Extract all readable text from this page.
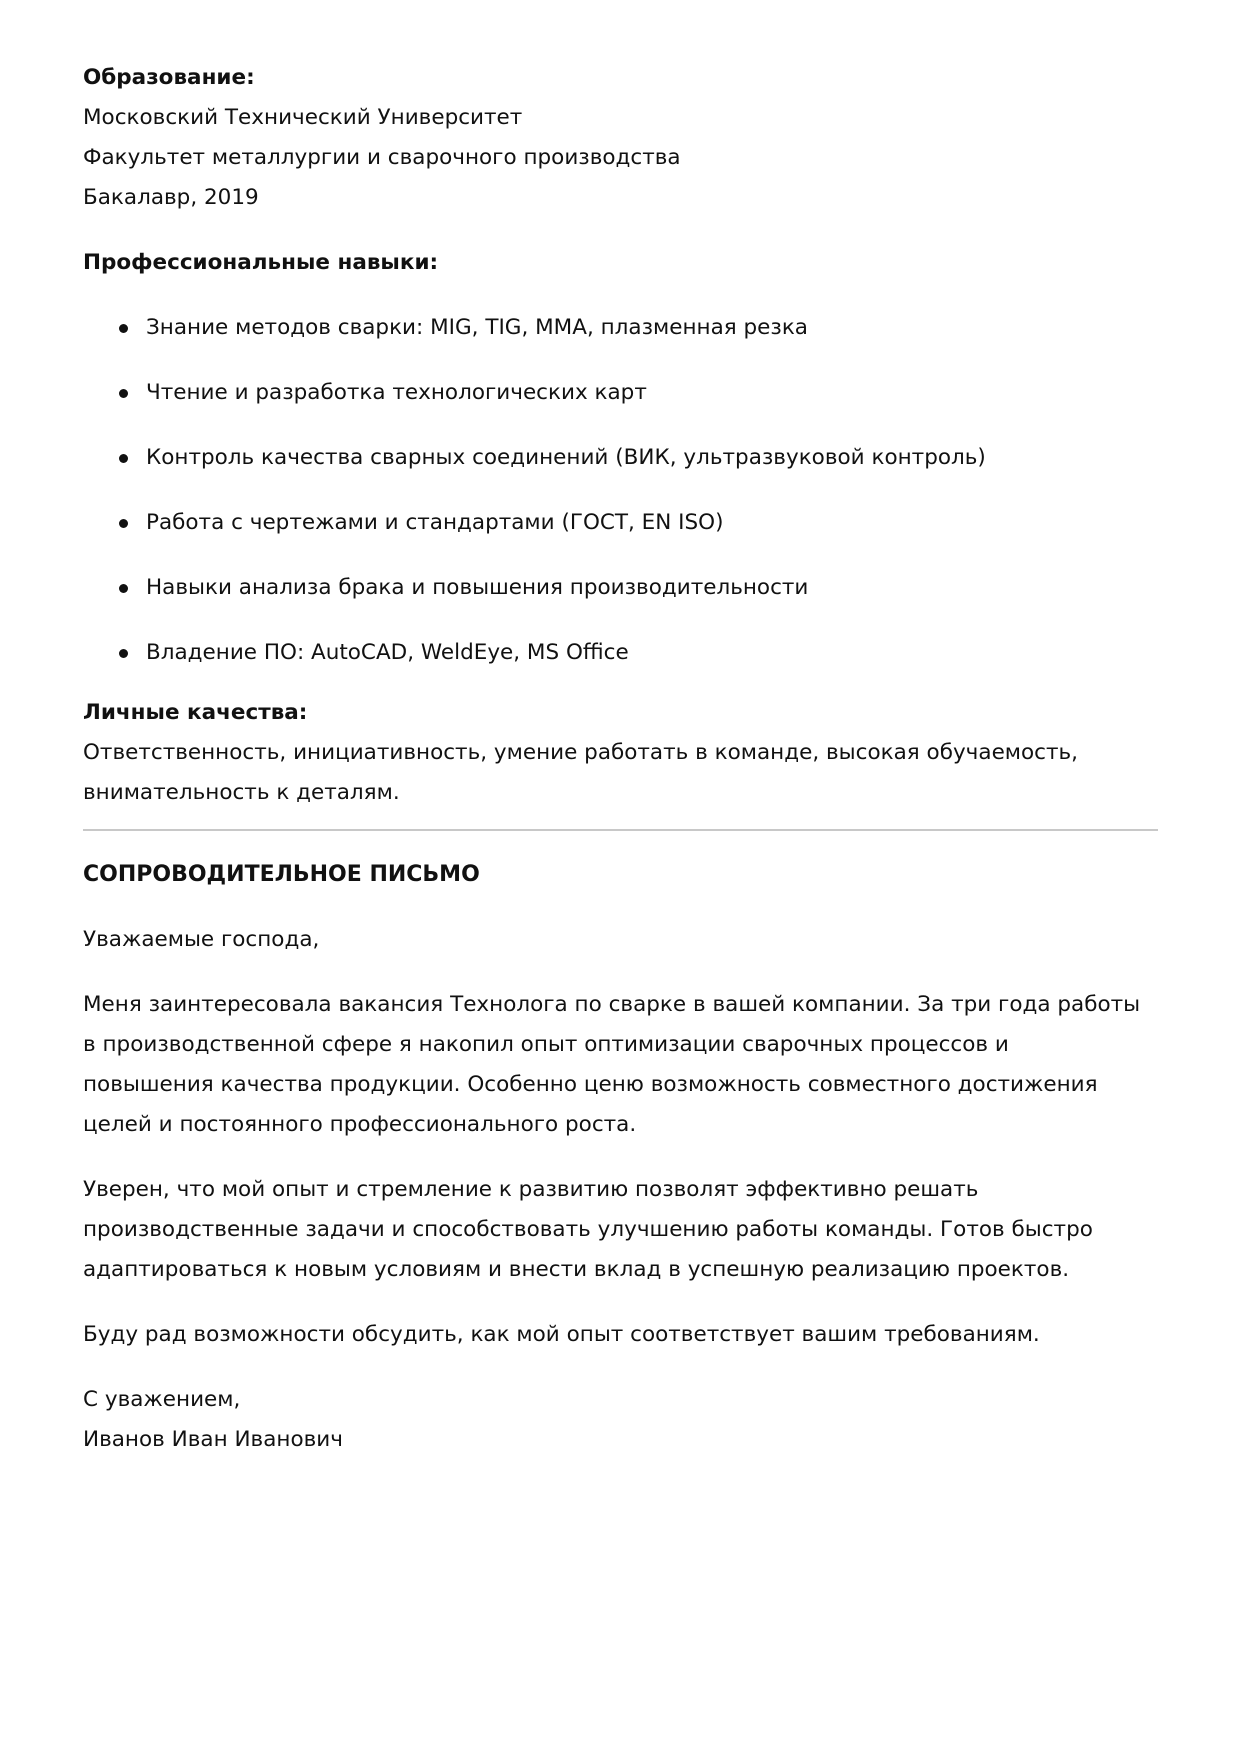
Образование:

Московский Технический Университет

Факультет металлургии и сварочного производства

Бакалавр, 2019

Профессиональные навыки:

Знание методов сварки: MIG, TIG, MMA, плазменная резка
Чтение и разработка технологических карт
Контроль качества сварных соединений (ВИК, ультразвуковой контроль)
Работа с чертежами и стандартами (ГОСТ, EN ISO)
Навыки анализа брака и повышения производительности
Владение ПО: AutoCAD, WeldEye, MS Office

Личные качества:

Ответственность, инициативность, умение работать в команде, высокая обучаемость,

внимательность к деталям.

СОПРОВОДИТЕЛЬНОЕ ПИСЬМО

Уважаемые господа,

Меня заинтересовала вакансия Технолога по сварке в вашей компании. За три года работы
в производственной сфере я накопил опыт оптимизации сварочных процессов и
повышения качества продукции. Особенно ценю возможность совместного достижения
целей и постоянного профессионального роста.
Уверен, что мой опыт и стремление к развитию позволят эффективно решать
производственные задачи и способствовать улучшению работы команды. Готов быстро
адаптироваться к новым условиям и внести вклад в успешную реализацию проектов.

Буду рад возможности обсудить, как мой опыт соответствует вашим требованиям.

С уважением,

Иванов Иван Иванович
